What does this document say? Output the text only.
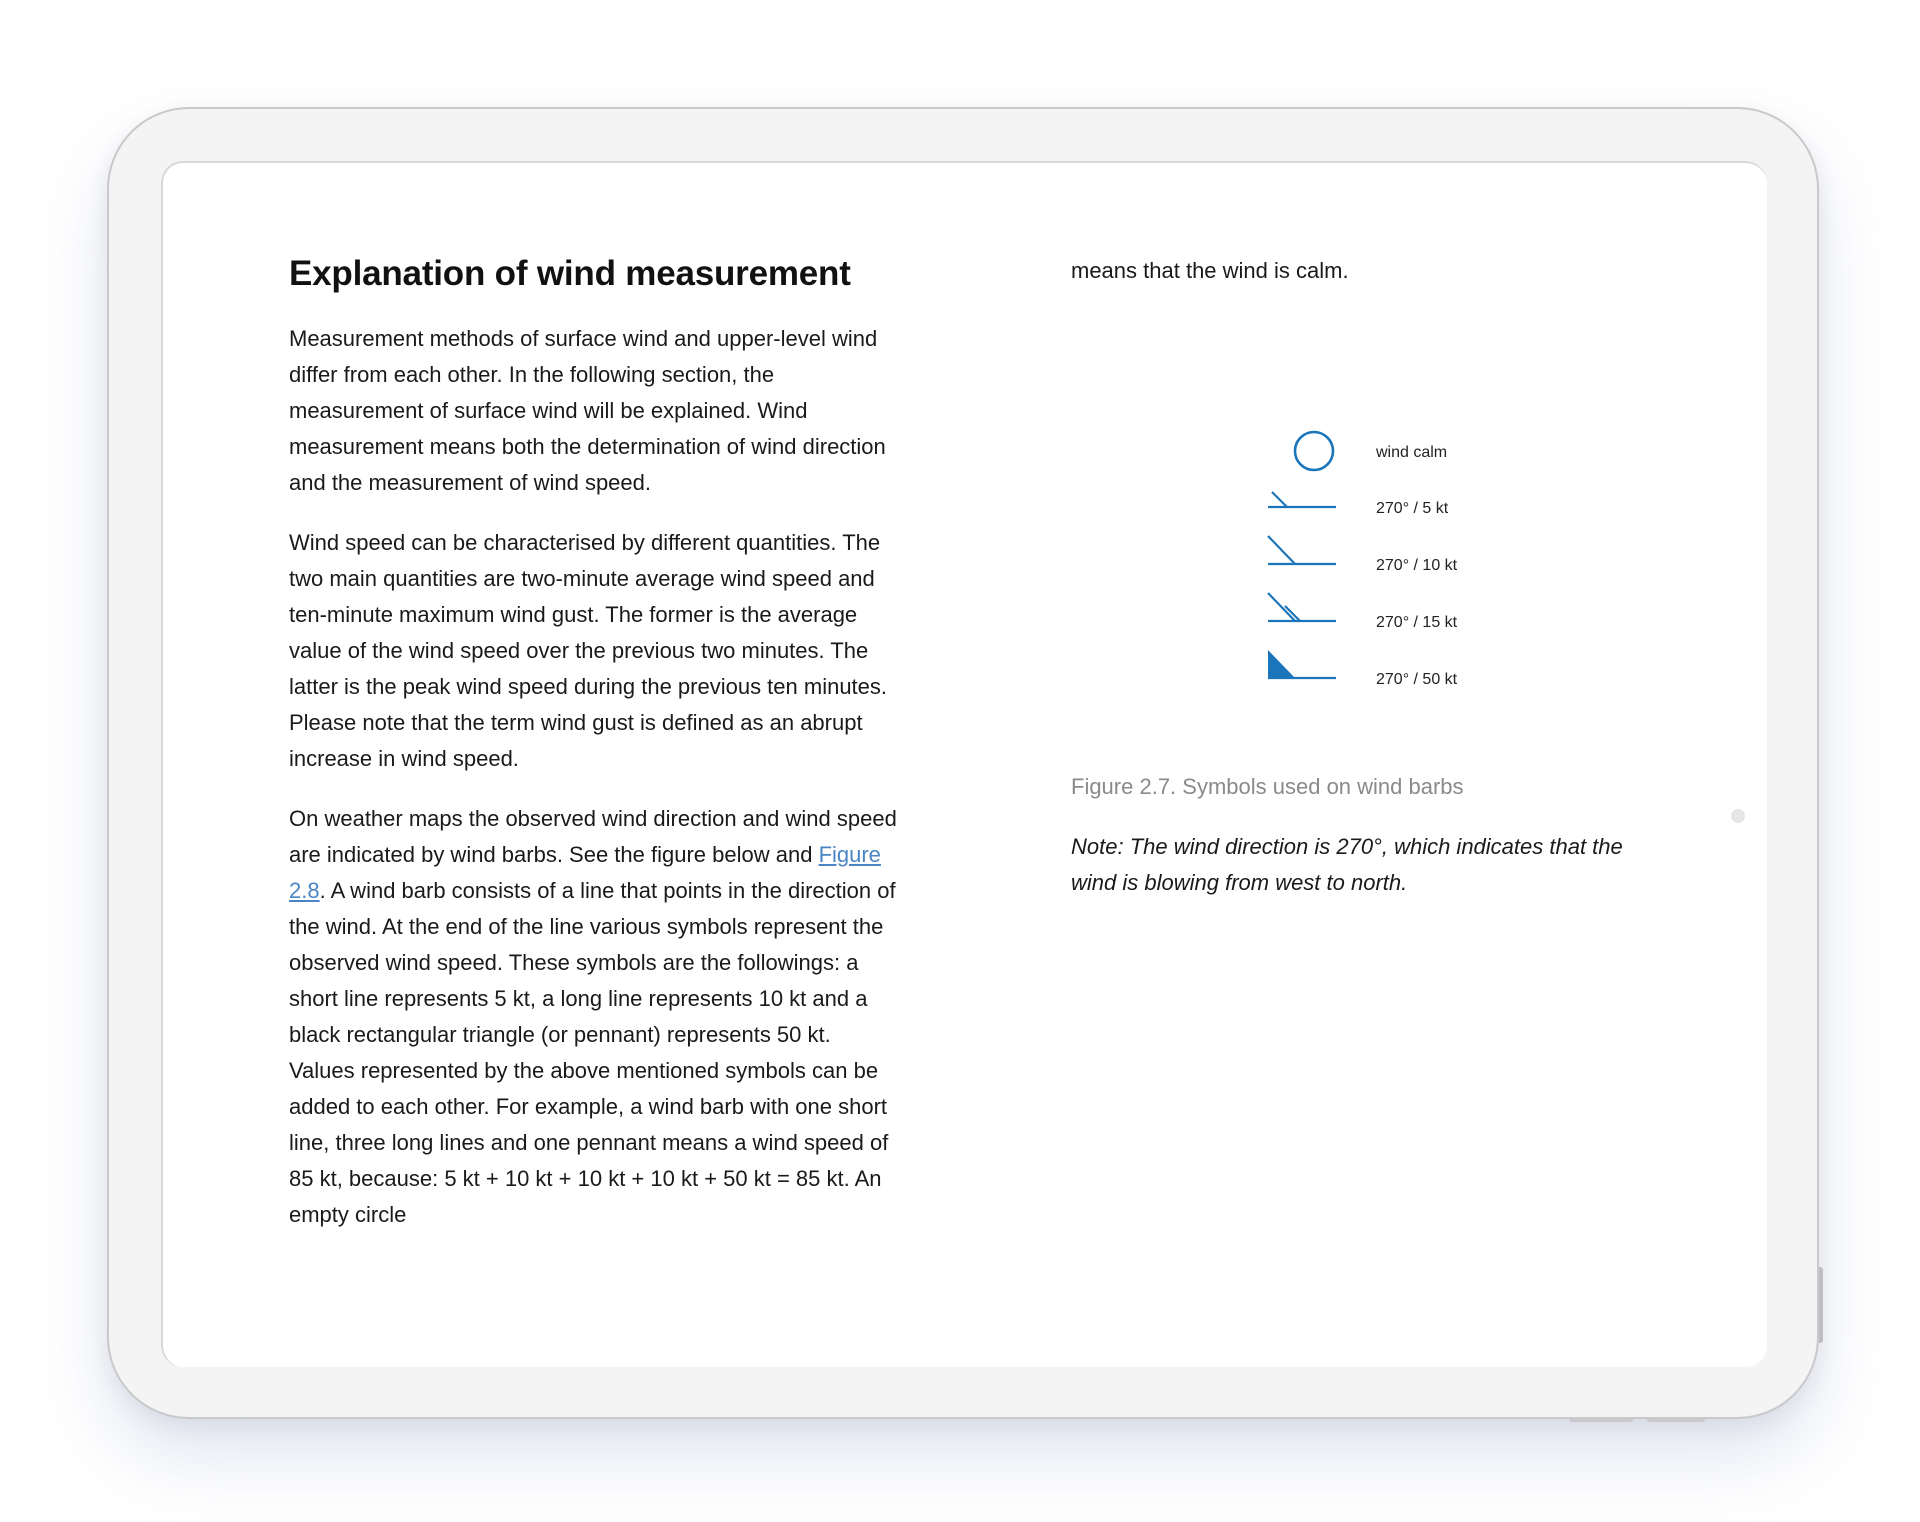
Explanation of wind measurement

Measurement methods of surface wind and upper-level wind differ from each other. In the following section, the measurement of surface wind will be explained. Wind measurement means both the determination of wind direction and the measurement of wind speed.

Wind speed can be characterised by different quantities. The two main quantities are two-minute average wind speed and ten-minute maximum wind gust. The former is the average value of the wind speed over the previous two minutes. The latter is the peak wind speed during the previous ten minutes. Please note that the term wind gust is defined as an abrupt increase in wind speed.

On weather maps the observed wind direction and wind speed are indicated by wind barbs. See the figure below and Figure 2.8. A wind barb consists of a line that points in the direction of the wind. At the end of the line various symbols represent the observed wind speed. These symbols are the followings: a short line represents 5 kt, a long line represents 10 kt and a black rectangular triangle (or pennant) represents 50 kt. Values represented by the above mentioned symbols can be added to each other. For example, a wind barb with one short line, three long lines and one pennant means a wind speed of 85 kt, because: 5 kt + 10 kt + 10 kt + 10 kt + 50 kt = 85 kt. An empty circle

means that the wind is calm.

wind calm
270° / 5 kt
270° / 10 kt
270° / 15 kt
270° / 50 kt

Figure 2.7. Symbols used on wind barbs

Note: The wind direction is 270°, which indicates that the wind is blowing from west to north.
